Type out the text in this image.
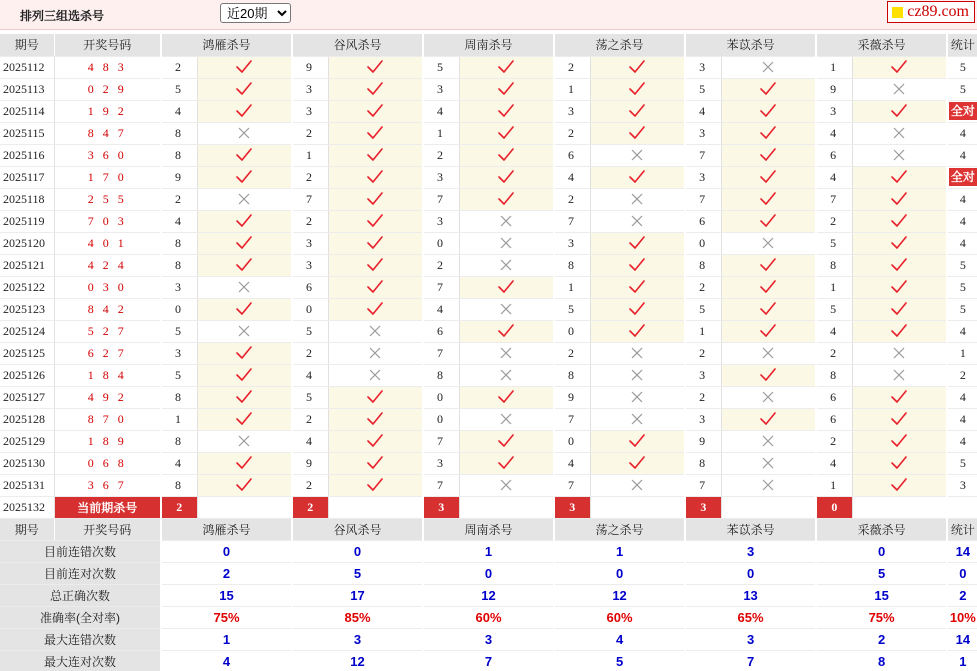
排列三组选杀号
近20期	cz89.com
期号	开奖号码	鸿雁杀号		谷风杀号		周南杀号		荡之杀号		苯苡杀号		采薇杀号		统计
2025112	4 8 3	2		9		5		2		3		1		5
2025113	0 2 9	5		3		3		1		5		9		5
2025114	1 9 2	4		3		4		3		4		3		全对
2025115	8 4 7	8		2		1		2		3		4		4
2025116	3 6 0	8		1		2		6		7		6		4
2025117	1 7 0	9		2		3		4		3		4		全对
2025118	2 5 5	2		7		7		2		7		7		4
2025119	7 0 3	4		2		3		7		6		2		4
2025120	4 0 1	8		3		0		3		0		5		4
2025121	4 2 4	8		3		2		8		8		8		5
2025122	0 3 0	3		6		7		1		2		1		5
2025123	8 4 2	0		0		4		5		5		5		5
2025124	5 2 7	5		5		6		0		1		4		4
2025125	6 2 7	3		2		7		2		2		2		1
2025126	1 8 4	5		4		8		8		3		8		2
2025127	4 9 2	8		5		0		9		2		6		4
2025128	8 7 0	1		2		0		7		3		6		4
2025129	1 8 9	8		4		7		0		9		2		4
2025130	0 6 8	4		9		3		4		8		4		5
2025131	3 6 7	8		2		7		7		7		1		3
2025132	当前期杀号	2		2		3		3		3		0		
期号	开奖号码	鸿雁杀号		谷风杀号		周南杀号		荡之杀号		苯苡杀号		采薇杀号		统计
目前连错次数		0		0		1		1		3		0		14
目前连对次数		2		5		0		0		0		5		0
总正确次数		15		17		12		12		13		15		2
准确率(全对率)		75%		85%		60%		60%		65%		75%		10%
最大连错次数		1		3		3		4		3		2		14
最大连对次数		4		12		7		5		7		8		1
